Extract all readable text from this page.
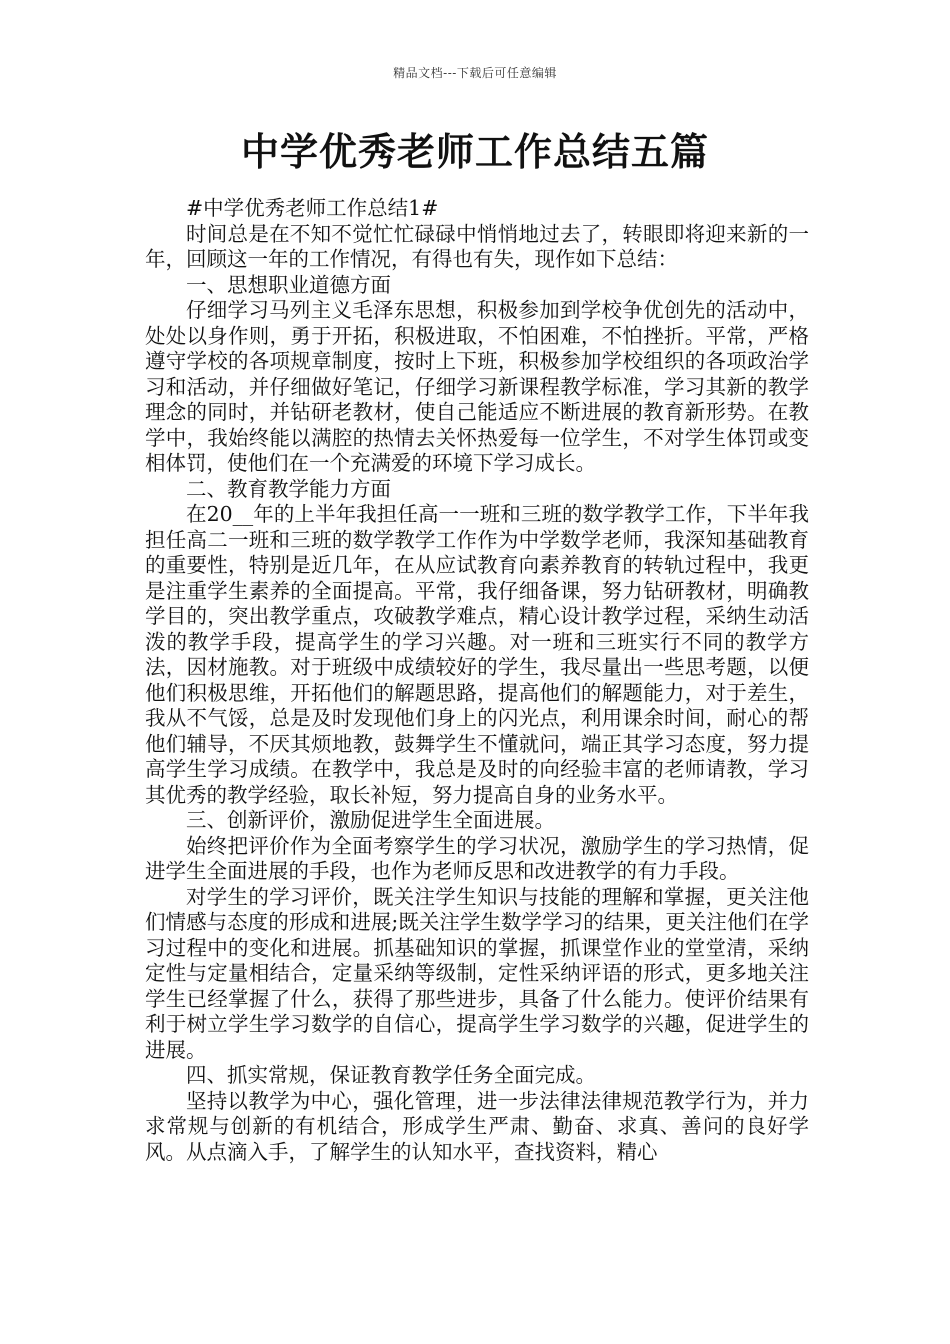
精品文档---下载后可任意编辑
中学优秀老师工作总结五篇

#中学优秀老师工作总结1#

时间总是在不知不觉忙忙碌碌中悄悄地过去了，转眼即将迎来新的一年，回顾这一年的工作情况，有得也有失，现作如下总结：

一、思想职业道德方面

仔细学习马列主义毛泽东思想，积极参加到学校争优创先的活动中，处处以身作则，勇于开拓，积极进取，不怕困难，不怕挫折。平常，严格遵守学校的各项规章制度，按时上下班，积极参加学校组织的各项政治学习和活动，并仔细做好笔记，仔细学习新课程教学标准，学习其新的教学理念的同时，并钻研老教材，使自己能适应不断进展的教育新形势。在教学中，我始终能以满腔的热情去关怀热爱每一位学生，不对学生体罚或变相体罚，使他们在一个充满爱的环境下学习成长。

二、教育教学能力方面

在20__年的上半年我担任高一一班和三班的数学教学工作，下半年我担任高二一班和三班的数学教学工作作为中学数学老师，我深知基础教育的重要性，特别是近几年，在从应试教育向素养教育的转轨过程中，我更是注重学生素养的全面提高。平常，我仔细备课，努力钻研教材，明确教学目的，突出教学重点，攻破教学难点，精心设计教学过程，采纳生动活泼的教学手段，提高学生的学习兴趣。对一班和三班实行不同的教学方法，因材施教。对于班级中成绩较好的学生，我尽量出一些思考题，以便他们积极思维，开拓他们的解题思路，提高他们的解题能力，对于差生，我从不气馁，总是及时发现他们身上的闪光点，利用课余时间，耐心的帮他们辅导，不厌其烦地教，鼓舞学生不懂就问，端正其学习态度，努力提高学生学习成绩。在教学中，我总是及时的向经验丰富的老师请教，学习其优秀的教学经验，取长补短，努力提高自身的业务水平。

三、创新评价，激励促进学生全面进展。

始终把评价作为全面考察学生的学习状况，激励学生的学习热情，促进学生全面进展的手段，也作为老师反思和改进教学的有力手段。

对学生的学习评价，既关注学生知识与技能的理解和掌握，更关注他们情感与态度的形成和进展;既关注学生数学学习的结果，更关注他们在学习过程中的变化和进展。抓基础知识的掌握，抓课堂作业的堂堂清，采纳定性与定量相结合，定量采纳等级制，定性采纳评语的形式，更多地关注学生已经掌握了什么，获得了那些进步，具备了什么能力。使评价结果有利于树立学生学习数学的自信心，提高学生学习数学的兴趣，促进学生的进展。

四、抓实常规，保证教育教学任务全面完成。

坚持以教学为中心，强化管理，进一步法律法律规范教学行为，并力求常规与创新的有机结合，形成学生严肃、勤奋、求真、善问的良好学风。从点滴入手，了解学生的认知水平，查找资料，精心
